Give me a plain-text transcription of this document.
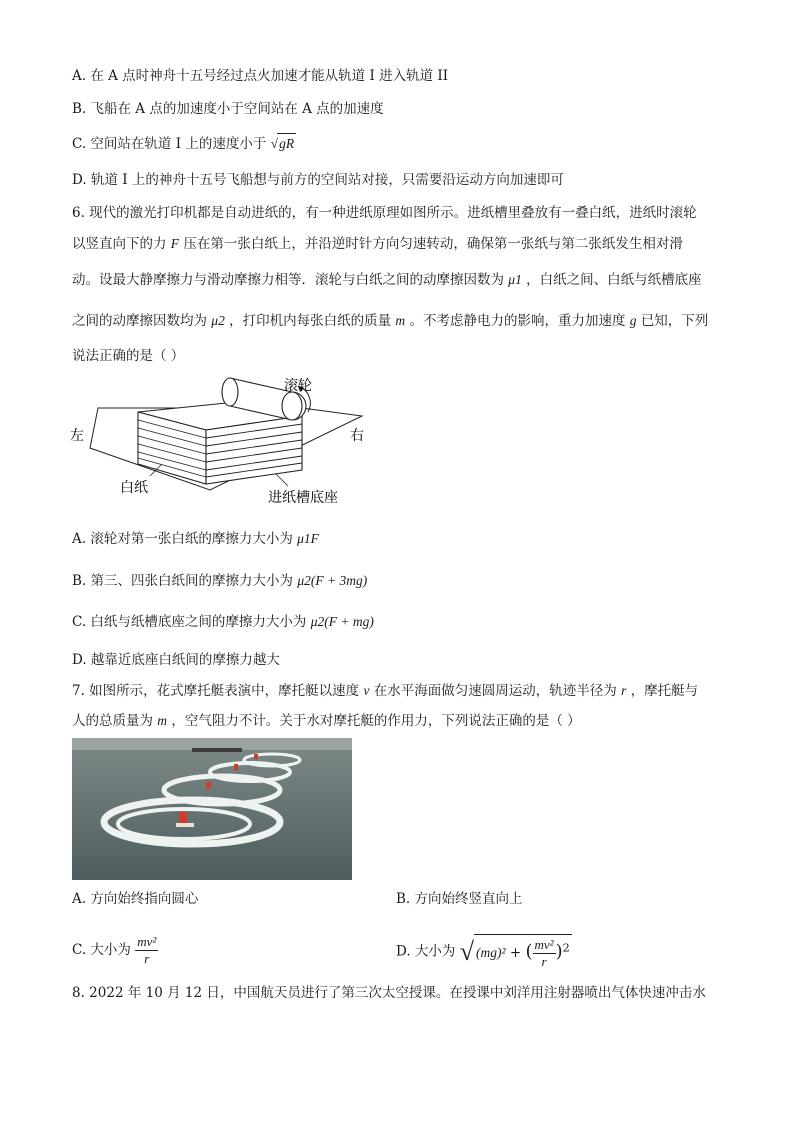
A. 在 A 点时神舟十五号经过点火加速才能从轨道 I 进入轨道 II
B. 飞船在 A 点的加速度小于空间站在 A 点的加速度
C. 空间站在轨道 I 上的速度小于 √gR
D. 轨道 I 上的神舟十五号飞船想与前方的空间站对接，只需要沿运动方向加速即可
6. 现代的激光打印机都是自动进纸的，有一种进纸原理如图所示。进纸槽里叠放有一叠白纸，进纸时滚轮
以竖直向下的力 F 压在第一张白纸上，并沿逆时针方向匀速转动，确保第一张纸与第二张纸发生相对滑
动。设最大静摩擦力与滑动摩擦力相等．滚轮与白纸之间的动摩擦因数为 μ1 ，白纸之间、白纸与纸槽底座
之间的动摩擦因数均为 μ2 ，打印机内每张白纸的质量 m 。不考虑静电力的影响，重力加速度 g 已知，下列
说法正确的是（ ）
滚轮
左	右
白纸
进纸槽底座
A. 滚轮对第一张白纸的摩擦力大小为 μ1F
B. 第三、四张白纸间的摩擦力大小为 μ2(F + 3mg)
C. 白纸与纸槽底座之间的摩擦力大小为 μ2(F + mg)
D. 越靠近底座白纸间的摩擦力越大
7. 如图所示，花式摩托艇表演中，摩托艇以速度 v 在水平海面做匀速圆周运动，轨迹半径为 r ，摩托艇与
人的总质量为 m ，空气阻力不计。关于水对摩托艇的作用力，下列说法正确的是（ ）
A. 方向始终指向圆心	B. 方向始终竖直向上
C. 大小为 $\frac{\text{mv²}}{r}$	D. 大小为 √ (mg)² + ( $\frac{\text{mv²}}{r} )^2$
8. 2022 年 10 月 12 日，中国航天员进行了第三次太空授课。在授课中刘洋用注射器喷出气体快速冲击水
